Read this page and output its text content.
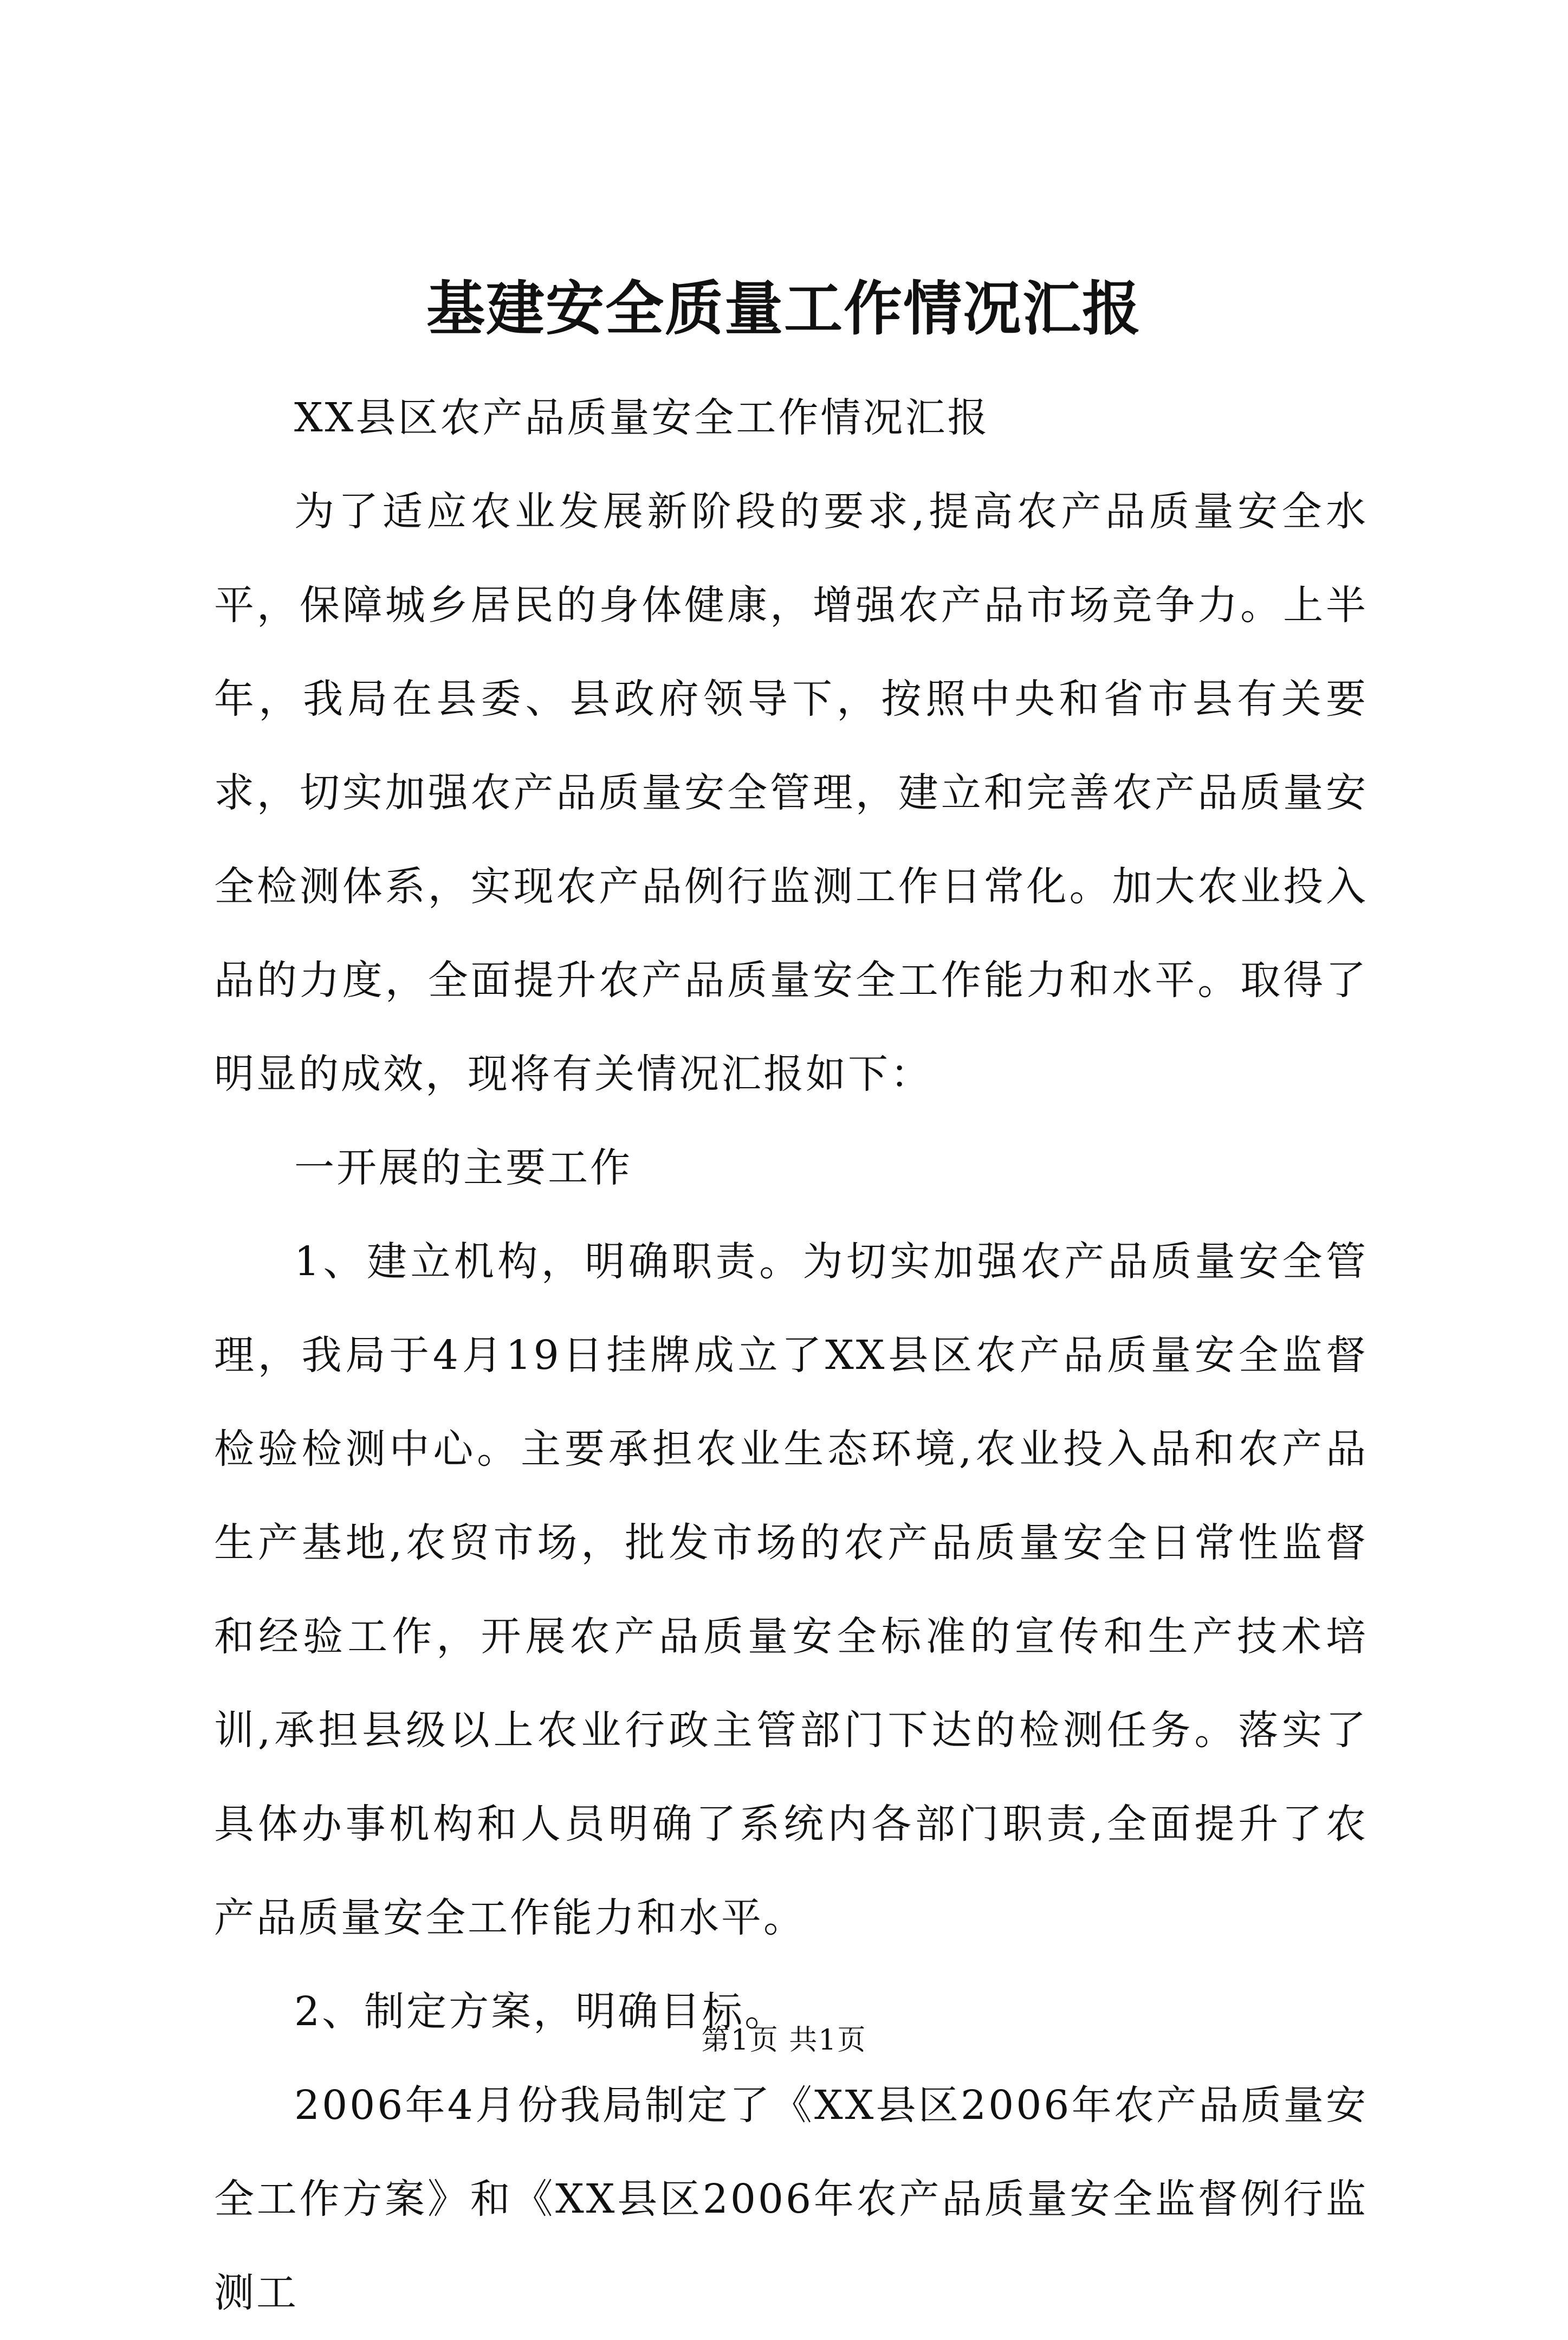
基建安全质量工作情况汇报

XX县区农产品质量安全工作情况汇报

为了适应农业发展新阶段的要求,提高农产品质量安全水平，保障城乡居民的身体健康，增强农产品市场竞争力。上半年，我局在县委、县政府领导下，按照中央和省市县有关要求，切实加强农产品质量安全管理，建立和完善农产品质量安全检测体系，实现农产品例行监测工作日常化。加大农业投入品的力度，全面提升农产品质量安全工作能力和水平。取得了明显的成效，现将有关情况汇报如下：

一开展的主要工作

1、建立机构，明确职责。为切实加强农产品质量安全管理，我局于4月19日挂牌成立了XX县区农产品质量安全监督检验检测中心。主要承担农业生态环境,农业投入品和农产品生产基地,农贸市场，批发市场的农产品质量安全日常性监督和经验工作，开展农产品质量安全标准的宣传和生产技术培训,承担县级以上农业行政主管部门下达的检测任务。落实了具体办事机构和人员明确了系统内各部门职责,全面提升了农产品质量安全工作能力和水平。

2、制定方案，明确目标。

2006年4月份我局制定了《XX县区2006年农产品质量安全工作方案》和《XX县区2006年农产品质量安全监督例行监测工

第1页 共1页
